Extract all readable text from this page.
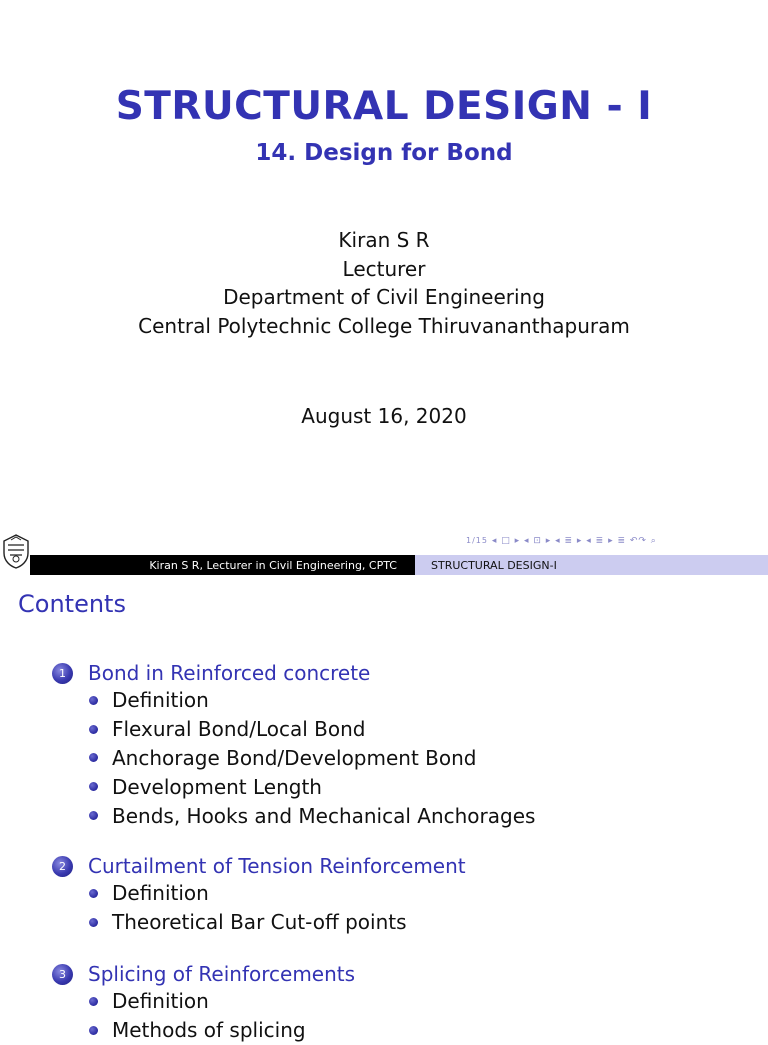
STRUCTURAL DESIGN - I
14. Design for Bond
Kiran S R
Lecturer
Department of Civil Engineering
Central Polytechnic College Thiruvananthapuram
August 16, 2020
1/15 ◂ □ ▸ ◂ ⊡ ▸ ◂ ≣ ▸ ◂ ≣ ▸ ≣ ↶↷ ⌕
Kiran S R, Lecturer in Civil Engineering, CPTC	STRUCTURAL DESIGN-I
Contents
1	Bond in Reinforced concrete
Definition
Flexural Bond/Local Bond
Anchorage Bond/Development Bond
Development Length
Bends, Hooks and Mechanical Anchorages
2	Curtailment of Tension Reinforcement
Definition
Theoretical Bar Cut-off points
3	Splicing of Reinforcements
Definition
Methods of splicing
